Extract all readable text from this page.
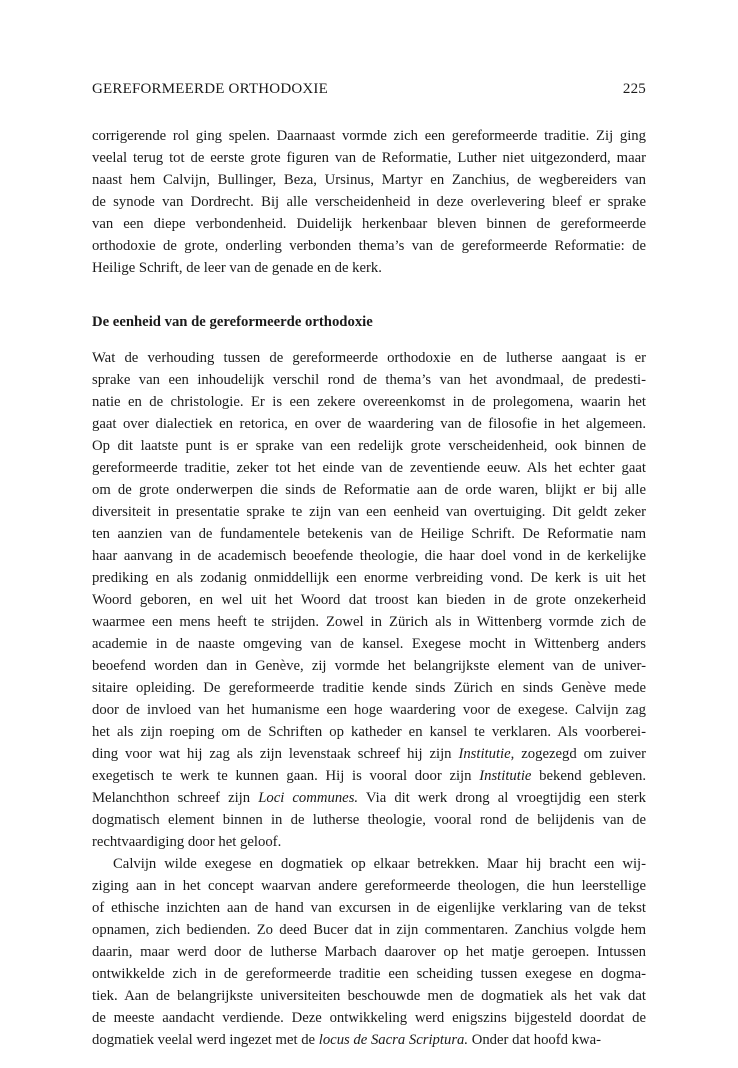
GEREFORMEERDE ORTHODOXIE	225
corrigerende rol ging spelen. Daarnaast vormde zich een gereformeerde traditie. Zij ging
veelal terug tot de eerste grote figuren van de Reformatie, Luther niet uitgezonderd, maar
naast hem Calvijn, Bullinger, Beza, Ursinus, Martyr en Zanchius, de wegbereiders van
de synode van Dordrecht. Bij alle verscheidenheid in deze overlevering bleef er sprake
van een diepe verbondenheid. Duidelijk herkenbaar bleven binnen de gereformeerde
orthodoxie de grote, onderling verbonden thema’s van de gereformeerde Reformatie: de
Heilige Schrift, de leer van de genade en de kerk.
De eenheid van de gereformeerde orthodoxie
Wat de verhouding tussen de gereformeerde orthodoxie en de lutherse aangaat is er
sprake van een inhoudelijk verschil rond de thema’s van het avondmaal, de predesti-
natie en de christologie. Er is een zekere overeenkomst in de prolegomena, waarin het
gaat over dialectiek en retorica, en over de waardering van de filosofie in het algemeen.
Op dit laatste punt is er sprake van een redelijk grote verscheidenheid, ook binnen de
gereformeerde traditie, zeker tot het einde van de zeventiende eeuw. Als het echter gaat
om de grote onderwerpen die sinds de Reformatie aan de orde waren, blijkt er bij alle
diversiteit in presentatie sprake te zijn van een eenheid van overtuiging. Dit geldt zeker
ten aanzien van de fundamentele betekenis van de Heilige Schrift. De Reformatie nam
haar aanvang in de academisch beoefende theologie, die haar doel vond in de kerkelijke
prediking en als zodanig onmiddellijk een enorme verbreiding vond. De kerk is uit het
Woord geboren, en wel uit het Woord dat troost kan bieden in de grote onzekerheid
waarmee een mens heeft te strijden. Zowel in Zürich als in Wittenberg vormde zich de
academie in de naaste omgeving van de kansel. Exegese mocht in Wittenberg anders
beoefend worden dan in Genève, zij vormde het belangrijkste element van de univer-
sitaire opleiding. De gereformeerde traditie kende sinds Zürich en sinds Genève mede
door de invloed van het humanisme een hoge waardering voor de exegese. Calvijn zag
het als zijn roeping om de Schriften op katheder en kansel te verklaren. Als voorberei-
ding voor wat hij zag als zijn levenstaak schreef hij zijn Institutie, zogezegd om zuiver
exegetisch te werk te kunnen gaan. Hij is vooral door zijn Institutie bekend gebleven.
Melanchthon schreef zijn Loci communes. Via dit werk drong al vroegtijdig een sterk
dogmatisch element binnen in de lutherse theologie, vooral rond de belijdenis van de
rechtvaardiging door het geloof.
Calvijn wilde exegese en dogmatiek op elkaar betrekken. Maar hij bracht een wij-
ziging aan in het concept waarvan andere gereformeerde theologen, die hun leerstellige
of ethische inzichten aan de hand van excursen in de eigenlijke verklaring van de tekst
opnamen, zich bedienden. Zo deed Bucer dat in zijn commentaren. Zanchius volgde hem
daarin, maar werd door de lutherse Marbach daarover op het matje geroepen. Intussen
ontwikkelde zich in de gereformeerde traditie een scheiding tussen exegese en dogma-
tiek. Aan de belangrijkste universiteiten beschouwde men de dogmatiek als het vak dat
de meeste aandacht verdiende. Deze ontwikkeling werd enigszins bijgesteld doordat de
dogmatiek veelal werd ingezet met de locus de Sacra Scriptura. Onder dat hoofd kwa-
